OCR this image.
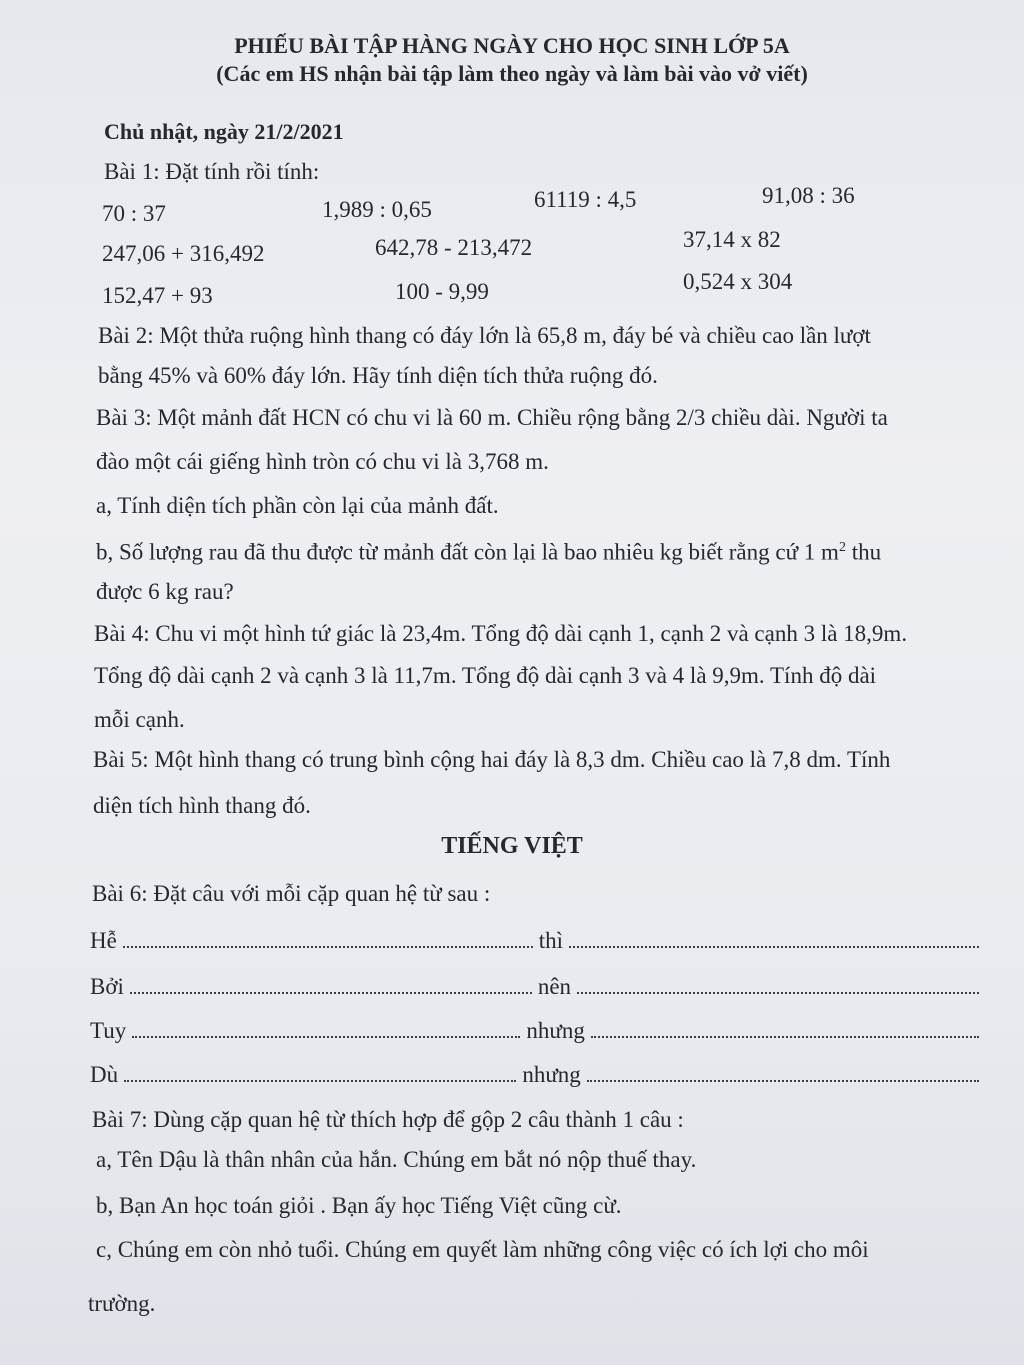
PHIẾU BÀI TẬP HÀNG NGÀY CHO HỌC SINH LỚP 5A
(Các em HS nhận bài tập làm theo ngày và làm bài vào vở viết)
Chủ nhật, ngày 21/2/2021
Bài 1: Đặt tính rồi tính:
70 : 37	1,989 : 0,65	61119 : 4,5	91,08 : 36
247,06 + 316,492	642,78 - 213,472	37,14 x 82
152,47 + 93	100 - 9,99	0,524 x 304
Bài 2: Một thửa ruộng hình thang có đáy lớn là 65,8 m, đáy bé và chiều cao lần lượt
bằng 45% và 60% đáy lớn. Hãy tính diện tích thửa ruộng đó.
Bài 3: Một mảnh đất HCN có chu vi là 60 m. Chiều rộng bằng 2/3 chiều dài. Người ta
đào một cái giếng hình tròn có chu vi là 3,768 m.
a, Tính diện tích phần còn lại của mảnh đất.
b, Số lượng rau đã thu được từ mảnh đất còn lại là bao nhiêu kg biết rằng cứ 1 $m^2$ thu
được 6 kg rau?
Bài 4: Chu vi một hình tứ giác là 23,4m. Tổng độ dài cạnh 1, cạnh 2 và cạnh 3 là 18,9m.
Tổng độ dài cạnh 2 và cạnh 3 là 11,7m. Tổng độ dài cạnh 3 và 4 là 9,9m. Tính độ dài
mỗi cạnh.
Bài 5: Một hình thang có trung bình cộng hai đáy là 8,3 dm. Chiều cao là 7,8 dm. Tính
diện tích hình thang đó.
TIẾNG VIỆT
Bài 6: Đặt câu với mỗi cặp quan hệ từ sau :
Hễ	thì
Bởi	nên
Tuy	nhưng
Dù	nhưng
Bài 7: Dùng cặp quan hệ từ thích hợp để gộp 2 câu thành 1 câu :
a, Tên Dậu là thân nhân của hắn. Chúng em bắt nó nộp thuế thay.
b, Bạn An học toán giỏi . Bạn ấy học Tiếng Việt cũng cừ.
c, Chúng em còn nhỏ tuổi. Chúng em quyết làm những công việc có ích lợi cho môi
trường.
